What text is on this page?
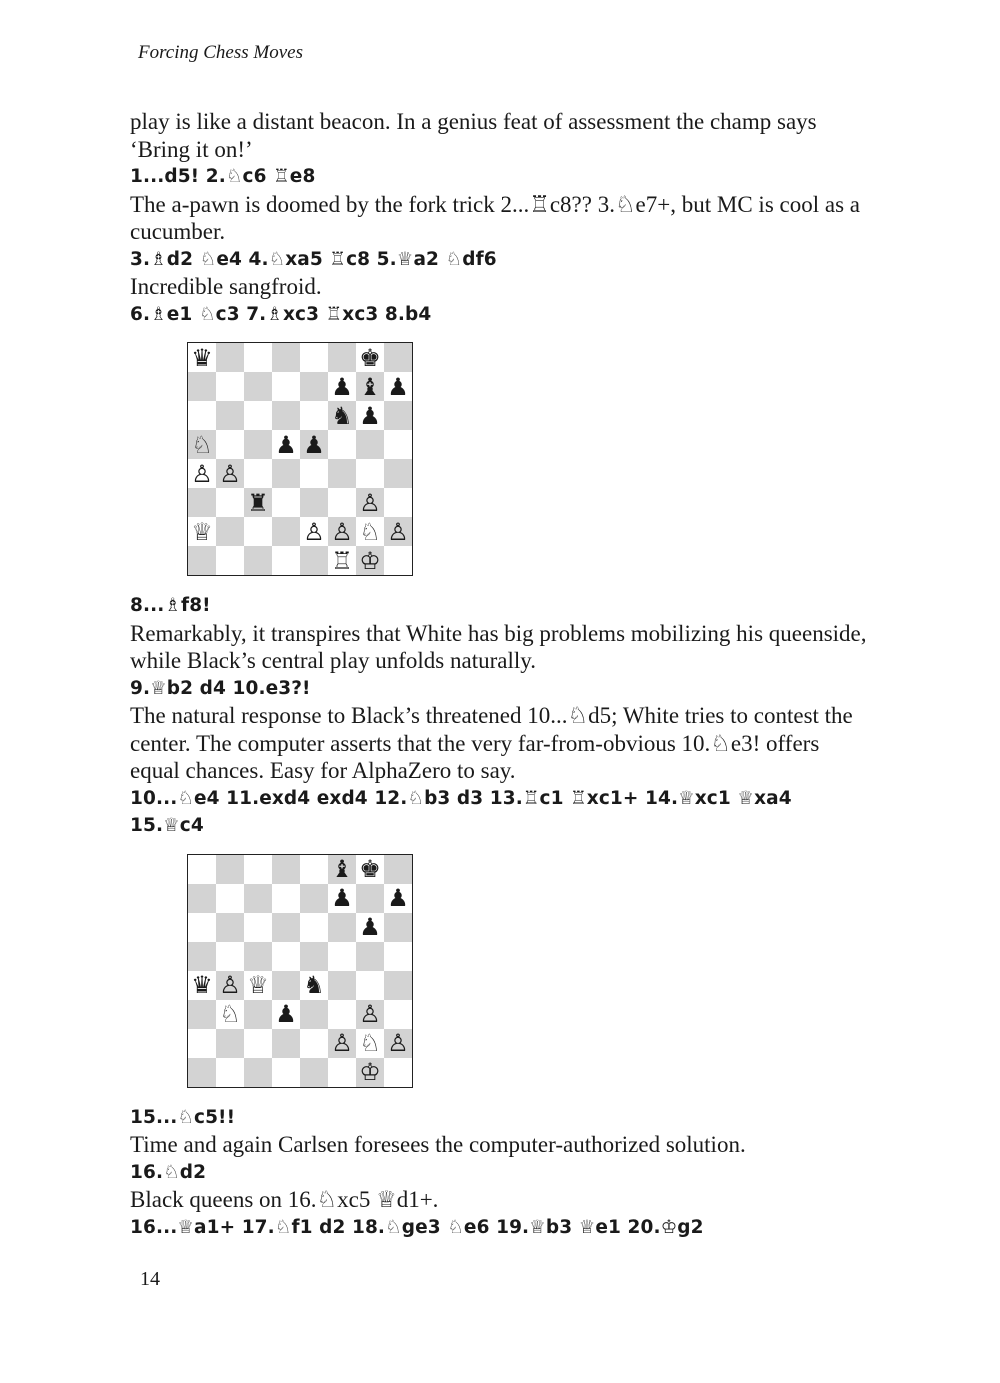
Forcing Chess Moves

play is like a distant beacon. In a genius feat of assessment the champ says ‘Bring it on!’

1...d5! 2.♘c6 ♖e8

The a-pawn is doomed by the fork trick 2...♖c8?? 3.♘e7+, but MC is cool as a cucumber.

3.♗d2 ♘e4 4.♘xa5 ♖c8 5.♕a2 ♘df6

Incredible sangfroid.

6.♗e1 ♘c3 7.♗xc3 ♖xc3 8.b4

♛	♚
♟ ♝ ♟
♞ ♟
♘	♟ ♟
♙ ♙
♜	♙
♕	♙ ♙ ♘ ♙
♖ ♔

8...♗f8!

Remarkably, it transpires that White has big problems mobilizing his queenside, while Black’s central play unfolds naturally.

9.♕b2 d4 10.e3?!

The natural response to Black’s threatened 10...♘d5; White tries to contest the center. The computer asserts that the very far-from-obvious 10.♘e3! offers equal chances. Easy for AlphaZero to say.

10...♘e4 11.exd4 exd4 12.♘b3 d3 13.♖c1 ♖xc1+ 14.♕xc1 ♕xa4 15.♕c4

♝ ♚
♟ ♟
♟
♛ ♙ ♕ ♞
♘ ♟	♙
♙ ♘ ♙
♔

15...♘c5!!

Time and again Carlsen foresees the computer-authorized solution.

16.♘d2

Black queens on 16.♘xc5 ♕d1+.

16...♕a1+ 17.♘f1 d2 18.♘ge3 ♘e6 19.♕b3 ♕e1 20.♔g2

14
